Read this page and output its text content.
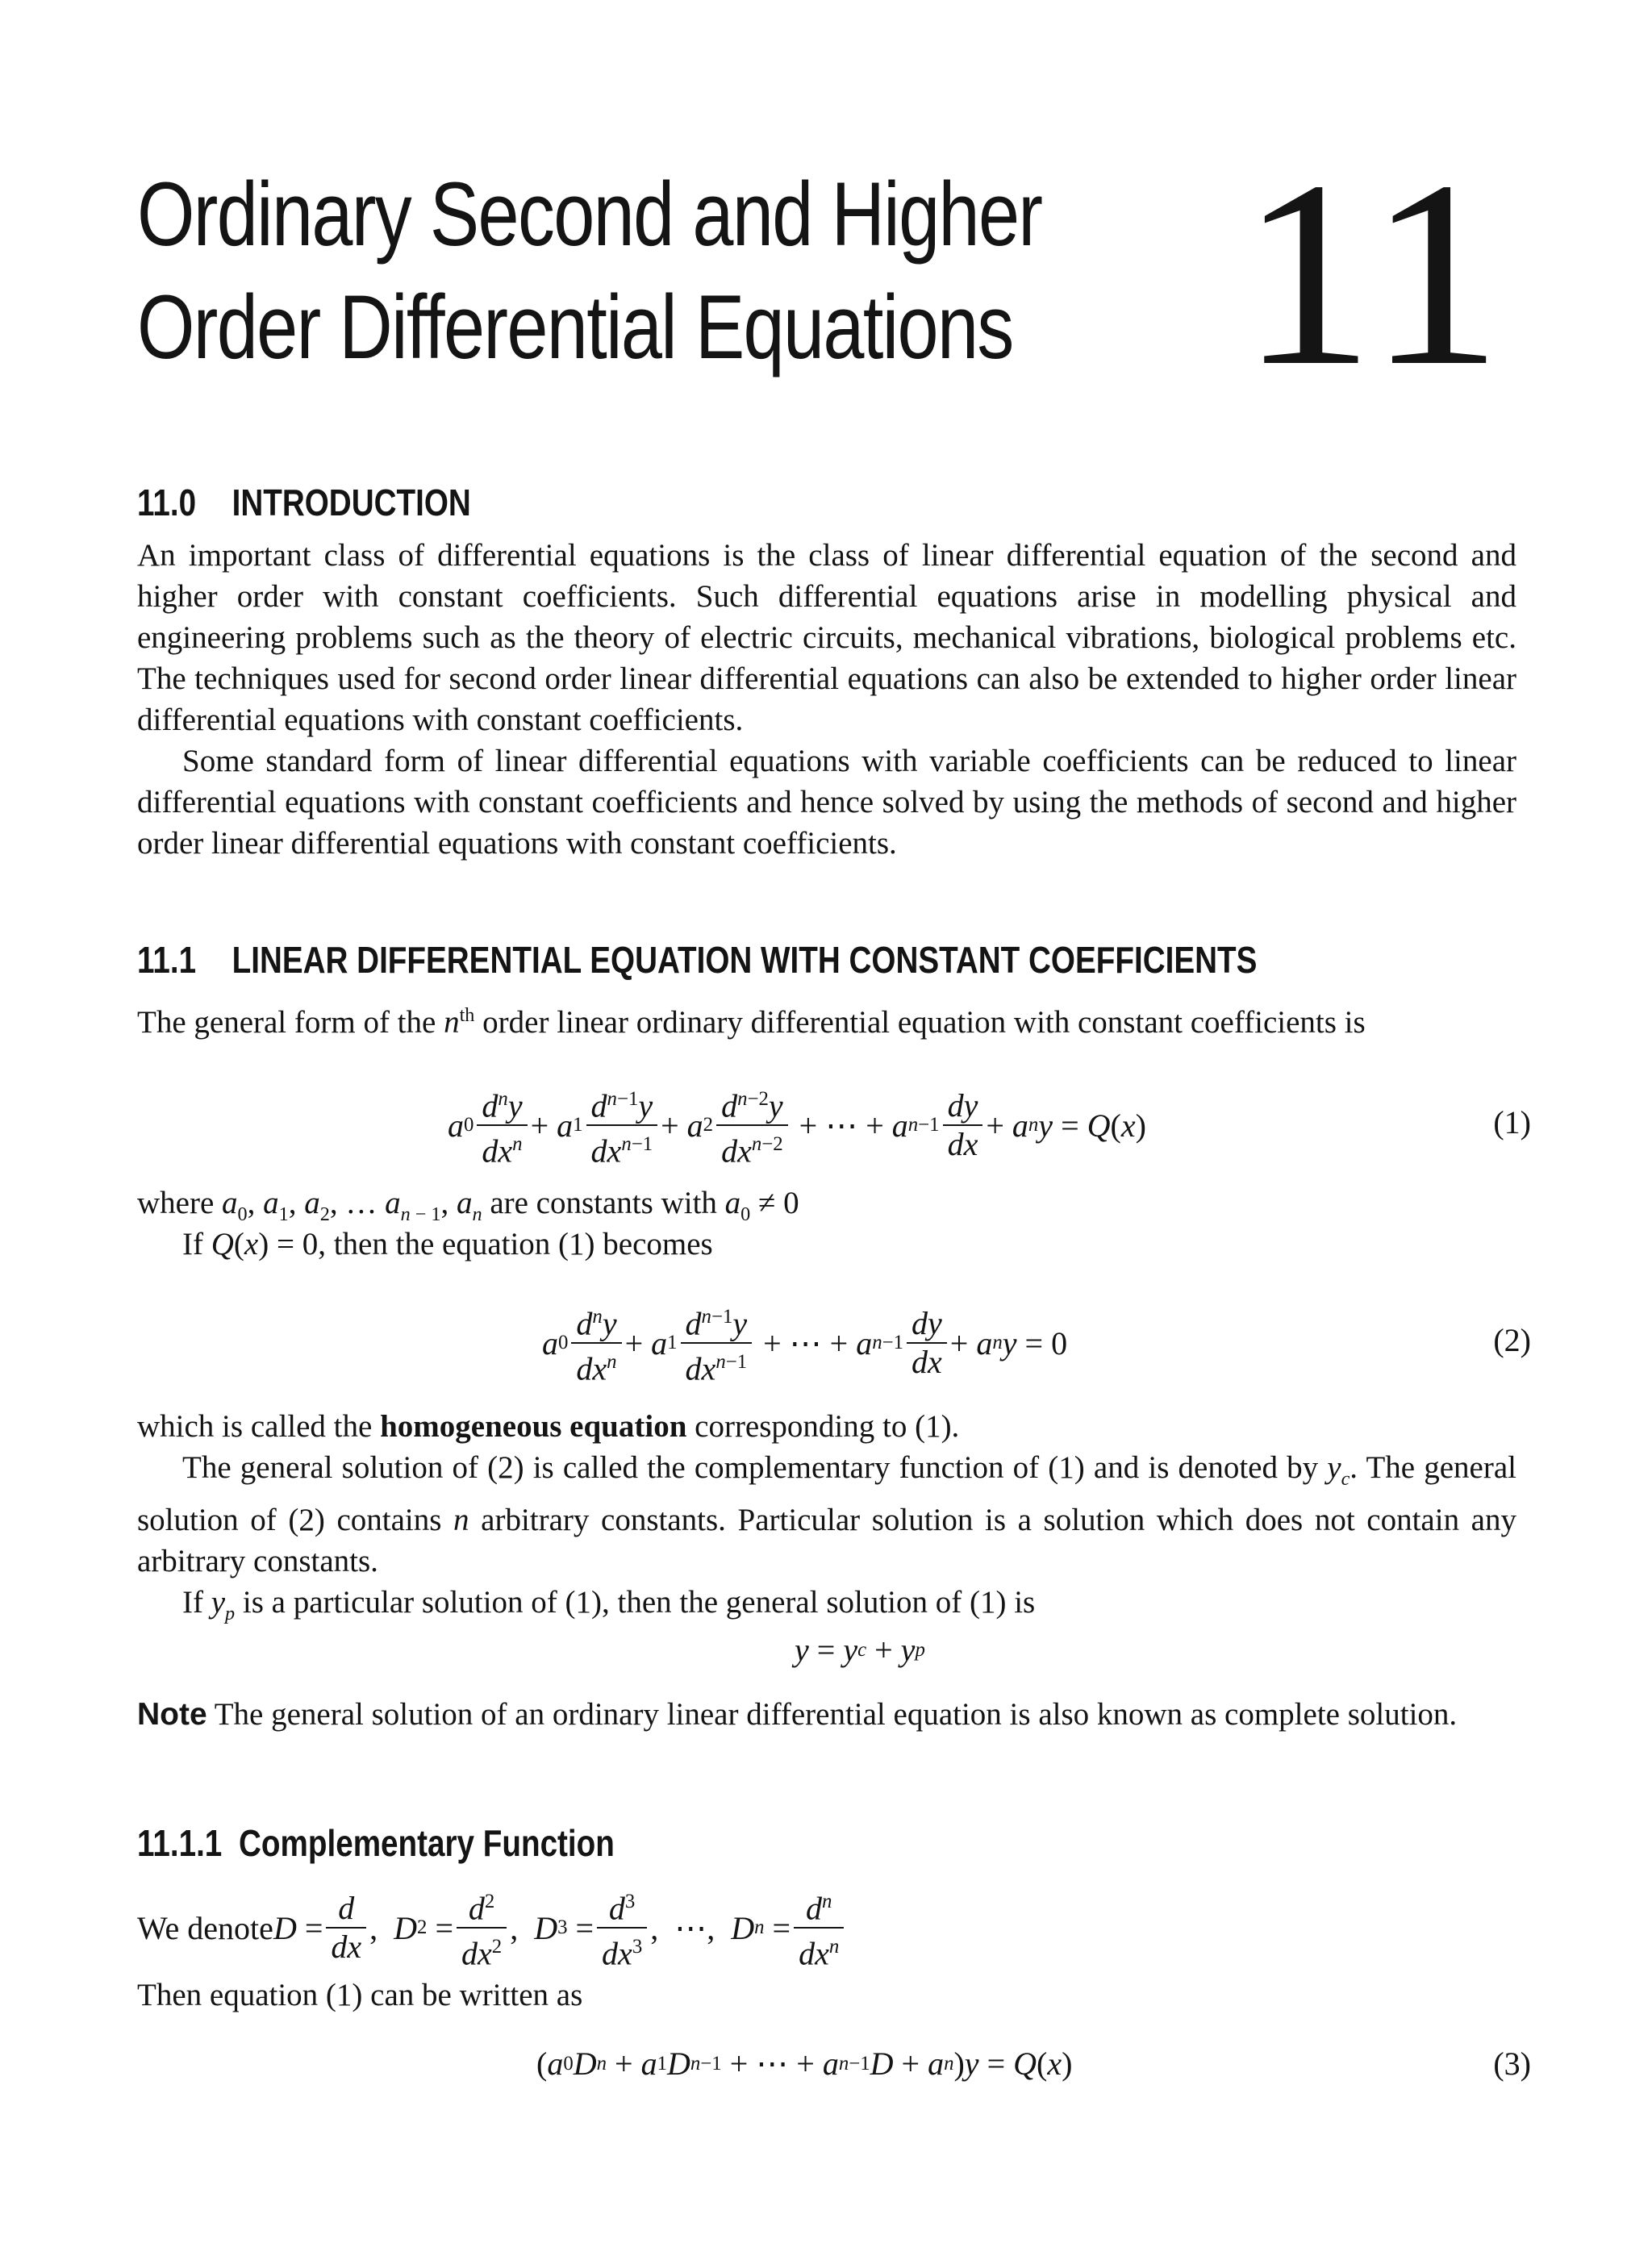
Ordinary Second and Higher
Order Differential Equations 11
11.0 INTRODUCTION

An important class of differential equations is the class of linear differential equation of the second and higher order with constant coefficients. Such differential equations arise in modelling physical and engineering problems such as the theory of electric circuits, mechanical vibrations, biological problems etc. The techniques used for second order linear differential equations can also be extended to higher order linear differential equations with constant coefficients.

Some standard form of linear differential equations with variable coefficients can be reduced to linear differential equations with constant coefficients and hence solved by using the methods of second and higher order linear differential equations with constant coefficients.

11.1 LINEAR DIFFERENTIAL EQUATION WITH CONSTANT COEFFICIENTS
The general form of the $n^{th}$ order linear ordinary differential equation with constant coefficients is
a $0 \frac{d^ny}{dx^n} + a$ $1 \frac{d^{n-1}y}{dx^{n-1}} + a$ $2 \frac{d^{n-2}y}{dx^{n-2}}$ + ⋯ + a $n-1 \frac{dy}{dx} + a$ n y = Q ( x )	(1)
where $a_0$, $a_1$, $a_2$, … $a_{n - 1}$, $a_n$ are constants with $a_0 \ne 0$
If Q(x) = 0, then the equation (1) becomes
a $0 \frac{d^ny}{dx^n} + a$ $1 \frac{d^{n-1}y}{dx^{n-1}}$ + ⋯ + a $n-1 \frac{dy}{dx} + a$ n y = 0	(2)

which is called the homogeneous equation corresponding to (1).

The general solution of (2) is called the complementary function of (1) and is denoted by $y_c$. The general solution of (2) contains n arbitrary constants. Particular solution is a solution which does not contain any arbitrary constants.

If $y_p$ is a particular solution of (1), then the general solution of (1) is

y = y c + y p

Note The general solution of an ordinary linear differential equation is also known as complete solution.

11.1.1 Complementary Function
We denote $D = \frac{d}{dx}$ , D $2 = \frac{d^2}{dx^2}$ , D $3 = \frac{d^3}{dx^3}$ ,  ⋯, D $n = \frac{d^n}{dx^n}$
Then equation (1) can be written as
( a 0 D n + a 1 D n−1 + ⋯ + a n−1 D + a n ) y = Q ( x )	(3)
